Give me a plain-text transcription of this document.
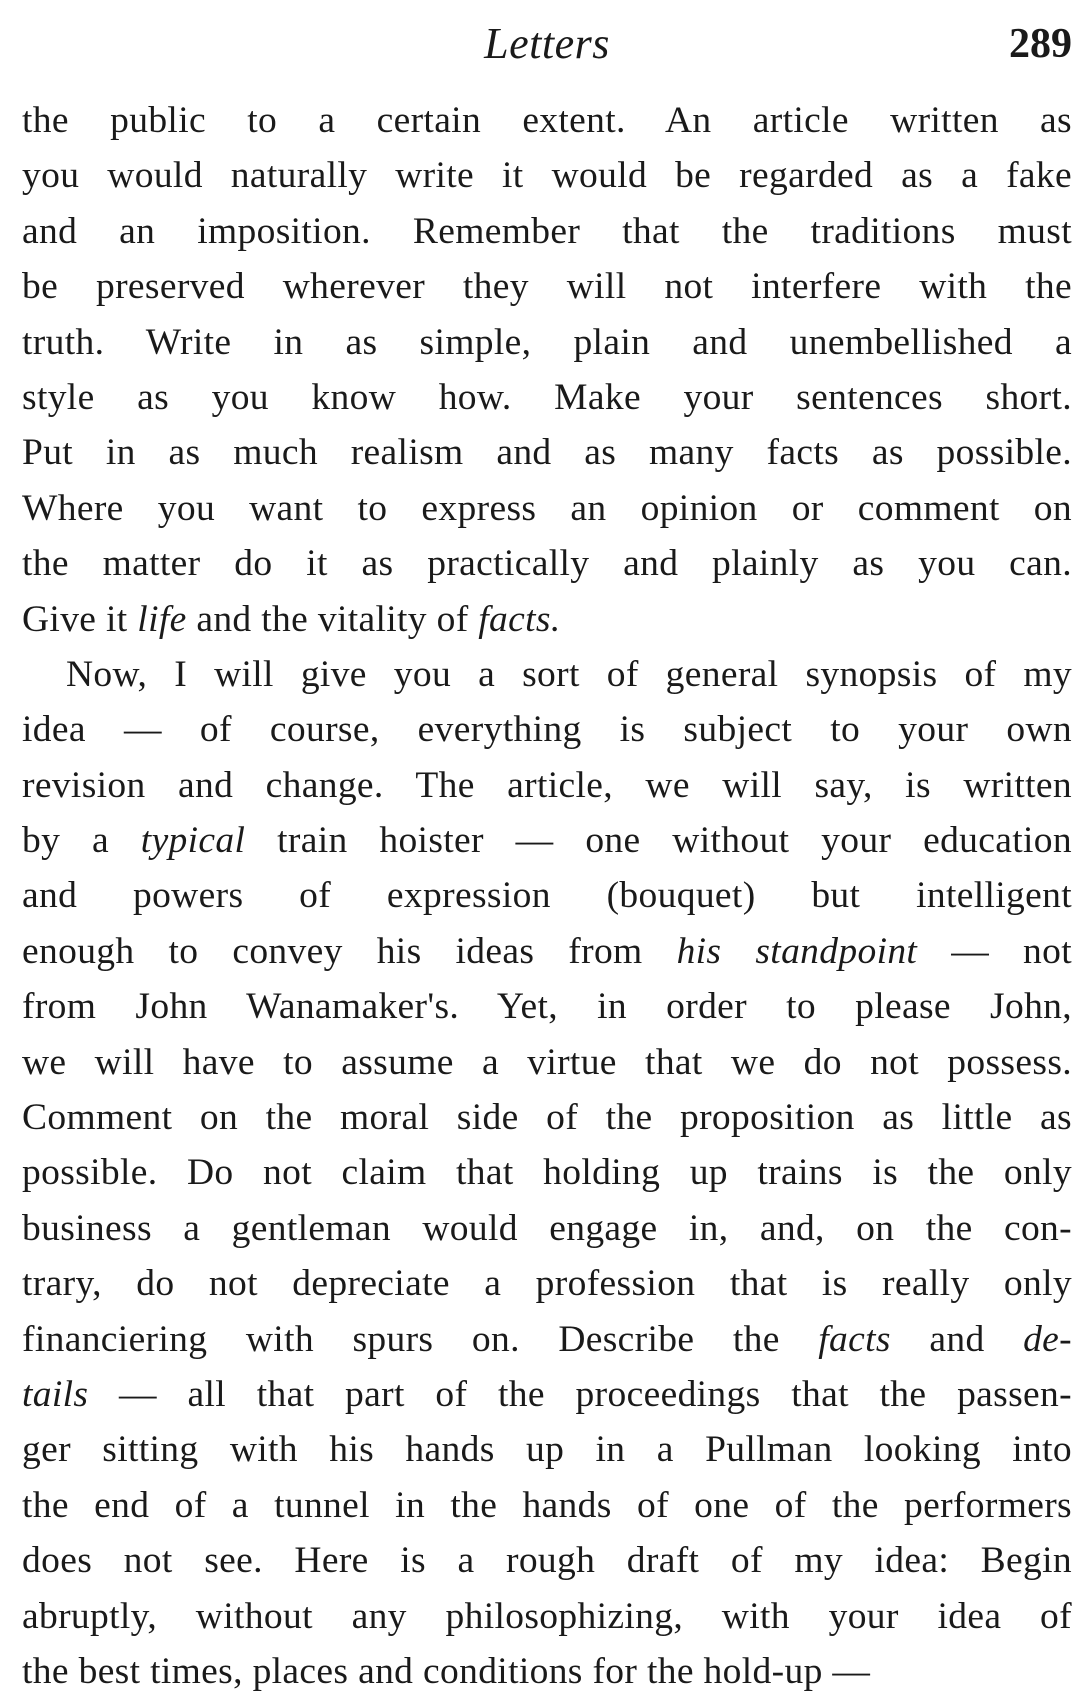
Letters	289
the public to a certain extent. An article written as
you would naturally write it would be regarded as a fake
and an imposition. Remember that the traditions must
be preserved wherever they will not interfere with the
truth. Write in as simple, plain and unembellished a
style as you know how. Make your sentences short.
Put in as much realism and as many facts as possible.
Where you want to express an opinion or comment on
the matter do it as practically and plainly as you can.
Give it life and the vitality of facts.
Now, I will give you a sort of general synopsis of my
idea — of course, everything is subject to your own
revision and change. The article, we will say, is written
by a typical train hoister — one without your education
and powers of expression (bouquet) but intelligent
enough to convey his ideas from his standpoint — not
from John Wanamaker's. Yet, in order to please John,
we will have to assume a virtue that we do not possess.
Comment on the moral side of the proposition as little as
possible. Do not claim that holding up trains is the only
business a gentleman would engage in, and, on the con-
trary, do not depreciate a profession that is really only
financiering with spurs on. Describe the facts and de-
tails — all that part of the proceedings that the passen-
ger sitting with his hands up in a Pullman looking into
the end of a tunnel in the hands of one of the performers
does not see. Here is a rough draft of my idea: Begin
abruptly, without any philosophizing, with your idea of
the best times, places and conditions for the hold-up —
